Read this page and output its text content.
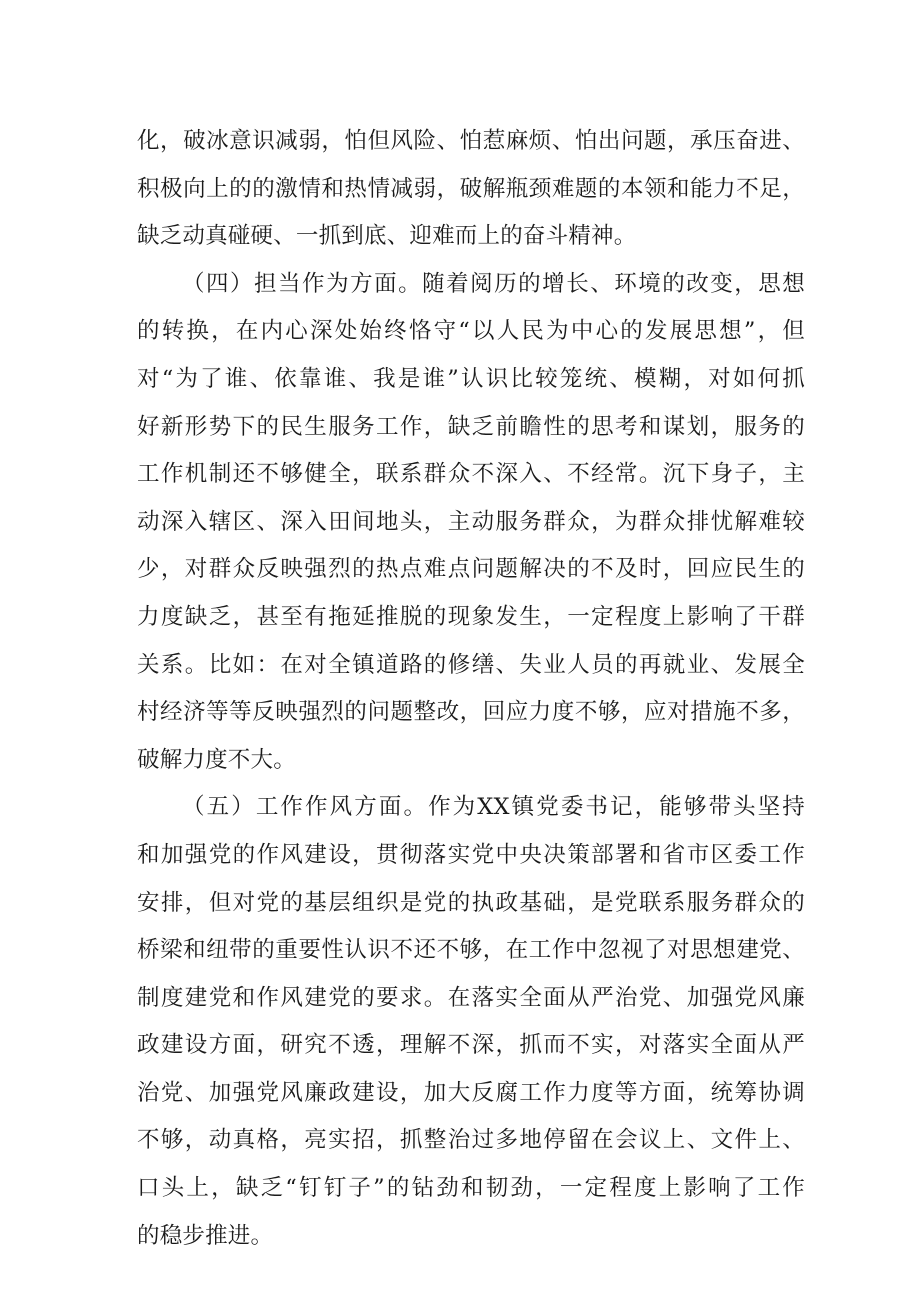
化，破冰意识减弱，怕但风险、怕惹麻烦、怕出问题，承压奋进、
积极向上的的激情和热情减弱，破解瓶颈难题的本领和能力不足，
缺乏动真碰硬、一抓到底、迎难而上的奋斗精神。
（四）担当作为方面。随着阅历的增长、环境的改变，思想
的转换，在内心深处始终恪守“以人民为中心的发展思想”，但
对“为了谁、依靠谁、我是谁”认识比较笼统、模糊，对如何抓
好新形势下的民生服务工作，缺乏前瞻性的思考和谋划，服务的
工作机制还不够健全，联系群众不深入、不经常。沉下身子，主
动深入辖区、深入田间地头，主动服务群众，为群众排忧解难较
少，对群众反映强烈的热点难点问题解决的不及时，回应民生的
力度缺乏，甚至有拖延推脱的现象发生，一定程度上影响了干群
关系。比如：在对全镇道路的修缮、失业人员的再就业、发展全
村经济等等反映强烈的问题整改，回应力度不够，应对措施不多，
破解力度不大。
（五）工作作风方面。作为XX镇党委书记，能够带头坚持
和加强党的作风建设，贯彻落实党中央决策部署和省市区委工作
安排，但对党的基层组织是党的执政基础，是党联系服务群众的
桥梁和纽带的重要性认识不还不够，在工作中忽视了对思想建党、
制度建党和作风建党的要求。在落实全面从严治党、加强党风廉
政建设方面，研究不透，理解不深，抓而不实，对落实全面从严
治党、加强党风廉政建设，加大反腐工作力度等方面，统筹协调
不够，动真格，亮实招，抓整治过多地停留在会议上、文件上、
口头上，缺乏“钉钉子”的钻劲和韧劲，一定程度上影响了工作
的稳步推进。
